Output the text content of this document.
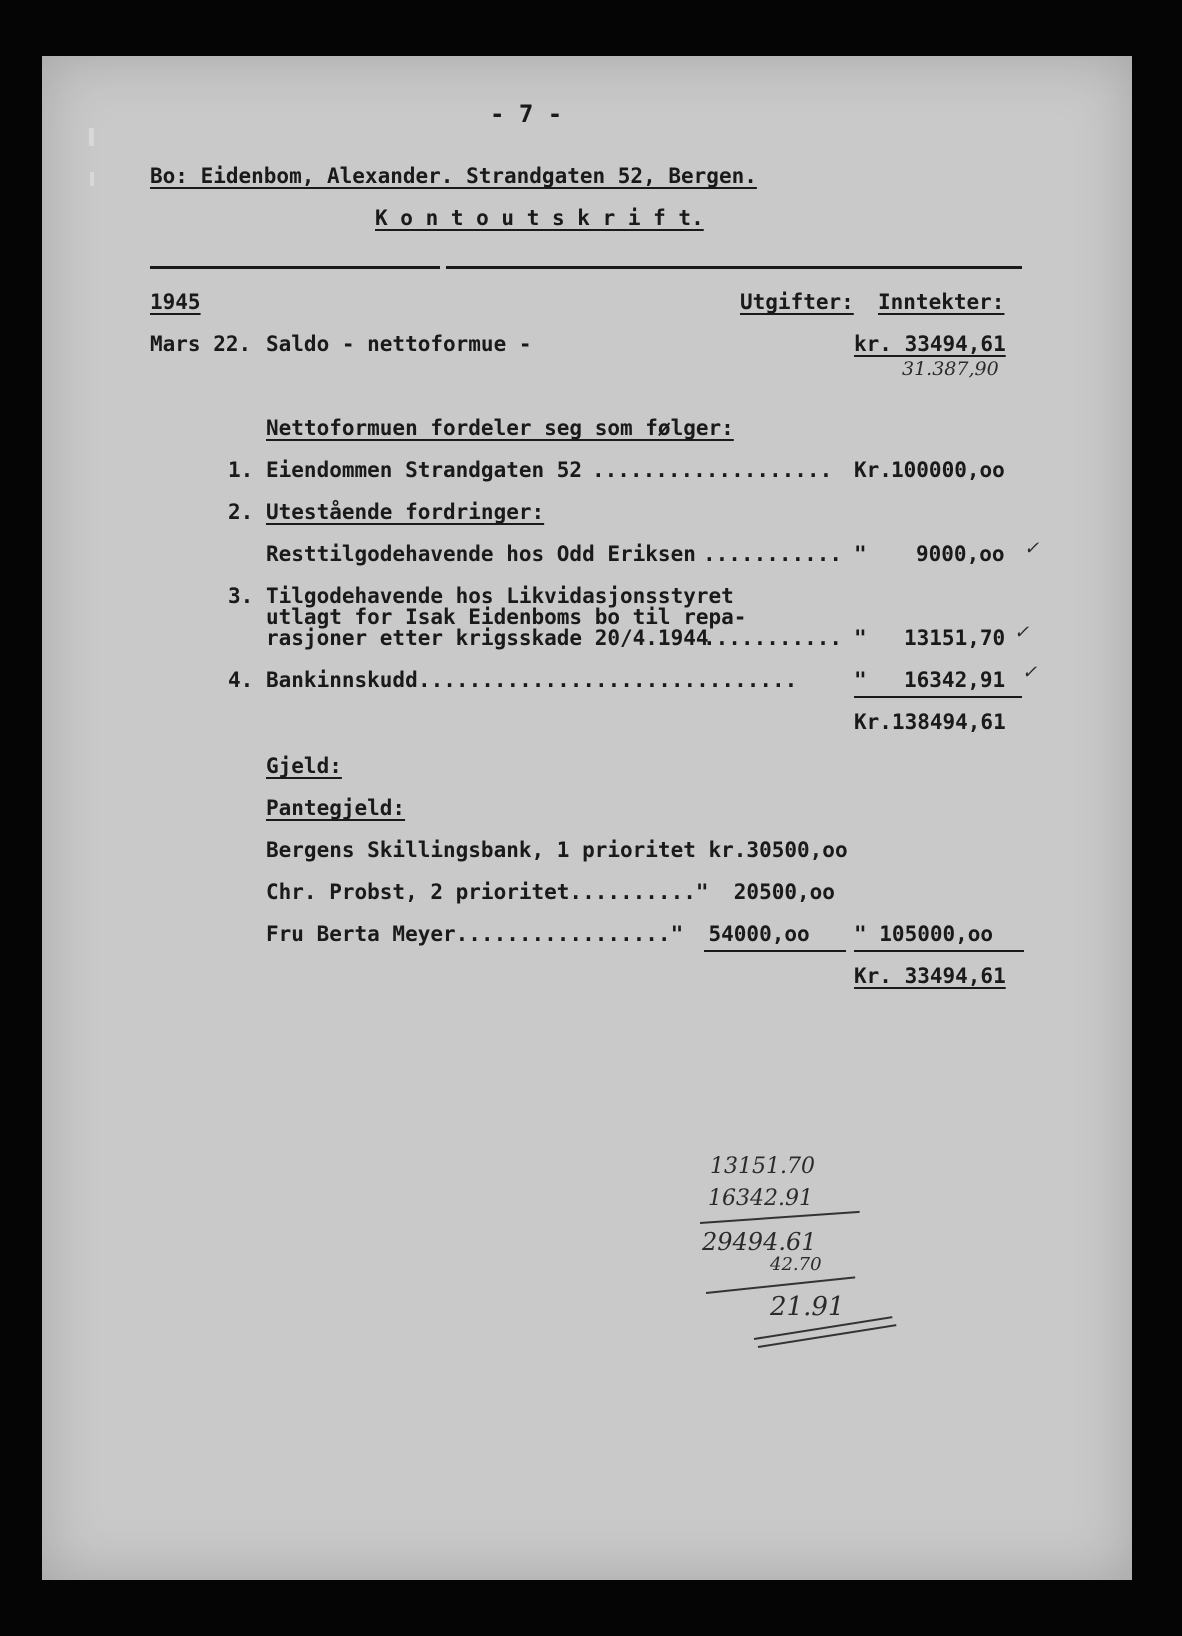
- 7 -
Bo: Eidenbom, Alexander. Strandgaten 52, Bergen.
K o n t o u t s k r i f t.
1945	Utgifter: Inntekter:
Mars 22. Saldo - nettoformue -	kr. 33494,61
31.387,90
Nettoformuen fordeler seg som følger:
1. Eiendommen Strandgaten 52 ................... Kr. 100000,oo
2. Utestående fordringer:
Resttilgodehavende hos Odd Eriksen ........... " 9000,oo ✓
3. Tilgodehavende hos Likvidasjonsstyret
utlagt for Isak Eidenboms bo til repa-
rasjoner etter krigsskade 20/4.1944
........... " 13151,70 ✓
4. Bankinnskudd ..............................	" 16342,91 ✓
Kr.138494,61
Gjeld:
Pantegjeld:
Bergens Skillingsbank, 1 prioritet kr.30500,oo
Chr. Probst, 2 prioritet.........."  20500,oo
Fru Berta Meyer................."  54000,oo " 105000,oo
Kr. 33494,61
13151.70
16342.91
29494.61
42.70
21.91
